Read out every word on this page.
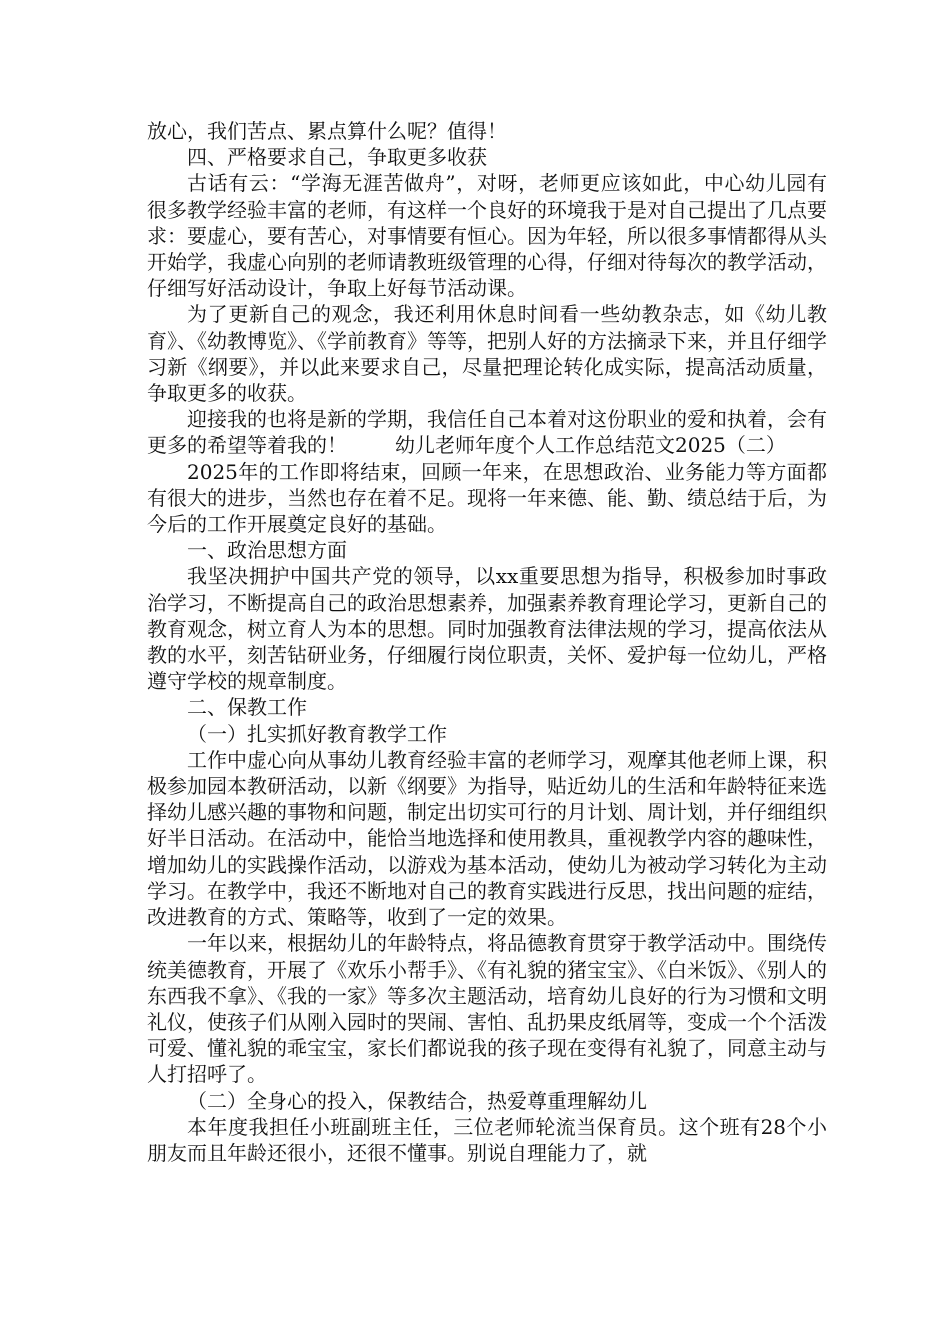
放心，我们苦点、累点算什么呢？值得！

四、严格要求自己，争取更多收获

古话有云：“学海无涯苦做舟”，对呀，老师更应该如此，中心幼儿园有很多教学经验丰富的老师，有这样一个良好的环境我于是对自己提出了几点要求：要虚心，要有苦心，对事情要有恒心。因为年轻，所以很多事情都得从头开始学，我虚心向别的老师请教班级管理的心得，仔细对待每次的教学活动，仔细写好活动设计，争取上好每节活动课。

为了更新自己的观念，我还利用休息时间看一些幼教杂志，如《幼儿教育》、《幼教博览》、《学前教育》等等，把别人好的方法摘录下来，并且仔细学习新《纲要》，并以此来要求自己，尽量把理论转化成实际，提高活动质量，争取更多的收获。

迎接我的也将是新的学期，我信任自己本着对这份职业的爱和执着，会有更多的希望等着我的！ 幼儿老师年度个人工作总结范文2025（二）

2025年的工作即将结束，回顾一年来，在思想政治、业务能力等方面都有很大的进步，当然也存在着不足。现将一年来德、能、勤、绩总结于后，为今后的工作开展奠定良好的基础。

一、政治思想方面

我坚决拥护中国共产党的领导，以xx重要思想为指导，积极参加时事政治学习，不断提高自己的政治思想素养，加强素养教育理论学习，更新自己的教育观念，树立育人为本的思想。同时加强教育法律法规的学习，提高依法从教的水平，刻苦钻研业务，仔细履行岗位职责，关怀、爱护每一位幼儿，严格遵守学校的规章制度。

二、保教工作

（一）扎实抓好教育教学工作

工作中虚心向从事幼儿教育经验丰富的老师学习，观摩其他老师上课，积极参加园本教研活动，以新《纲要》为指导，贴近幼儿的生活和年龄特征来选择幼儿感兴趣的事物和问题，制定出切实可行的月计划、周计划，并仔细组织好半日活动。在活动中，能恰当地选择和使用教具，重视教学内容的趣味性，增加幼儿的实践操作活动，以游戏为基本活动，使幼儿为被动学习转化为主动学习。在教学中，我还不断地对自己的教育实践进行反思，找出问题的症结，改进教育的方式、策略等，收到了一定的效果。

一年以来，根据幼儿的年龄特点，将品德教育贯穿于教学活动中。围绕传统美德教育，开展了《欢乐小帮手》、《有礼貌的猪宝宝》、《白米饭》、《别人的东西我不拿》、《我的一家》等多次主题活动，培育幼儿良好的行为习惯和文明礼仪，使孩子们从刚入园时的哭闹、害怕、乱扔果皮纸屑等，变成一个个活泼可爱、懂礼貌的乖宝宝，家长们都说我的孩子现在变得有礼貌了，同意主动与人打招呼了。

（二）全身心的投入，保教结合，热爱尊重理解幼儿

本年度我担任小班副班主任，三位老师轮流当保育员。这个班有28个小朋友而且年龄还很小，还很不懂事。别说自理能力了，就
